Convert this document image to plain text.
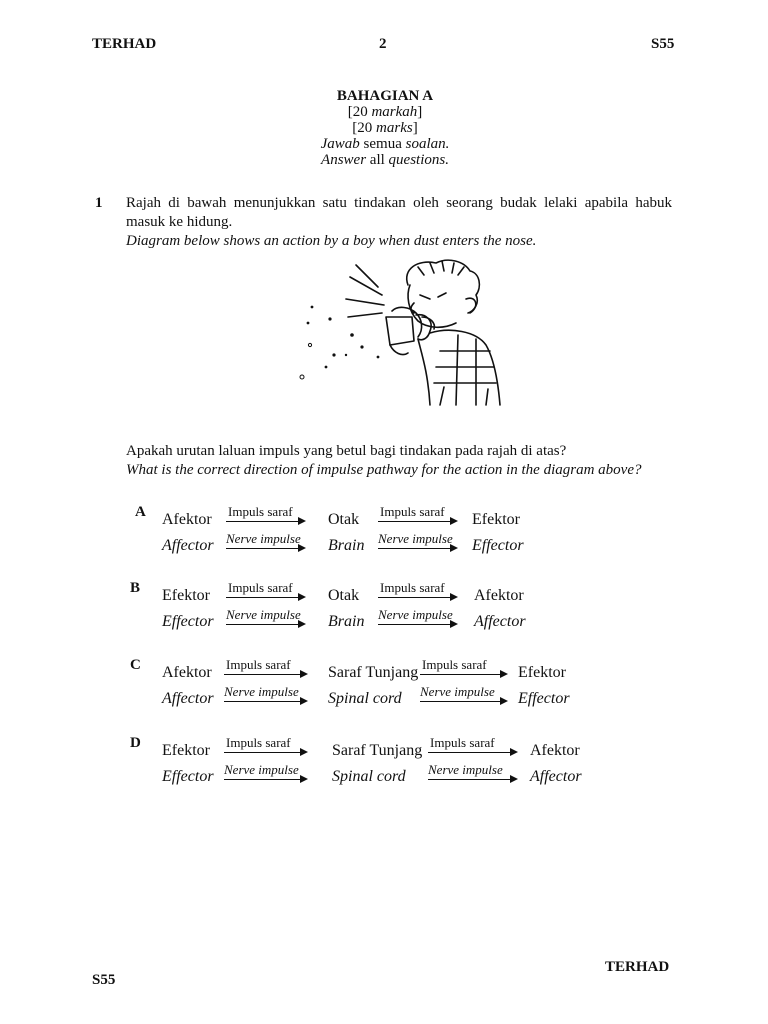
TERHAD	2	S55
BAHAGIAN A
[20 markah]
[20 marks]
Jawab semua soalan.
Answer all questions.
1 Rajah di bawah menunjukkan satu tindakan oleh seorang budak lelaki apabila habuk masuk ke hidung.
Diagram below shows an action by a boy when dust enters the nose.
Apakah urutan laluan impuls yang betul bagi tindakan pada rajah di atas?
What is the correct direction of impulse pathway for the action in the diagram above?
A Afektor
Affector
Otak
Brain
Efektor
Effector
Impuls saraf
Nerve impulse
Impuls saraf
Nerve impulse
B Efektor
Effector
Otak
Brain
Afektor
Affector
Impuls saraf
Nerve impulse
Impuls saraf
Nerve impulse
C Afektor
Affector
Saraf Tunjang
Spinal cord
Efektor
Effector
Impuls saraf
Nerve impulse
Impuls saraf
Nerve impulse
D Efektor
Effector
Saraf Tunjang
Spinal cord
Afektor
Affector
Impuls saraf
Nerve impulse
Impuls saraf
Nerve impulse
TERHAD
S55
